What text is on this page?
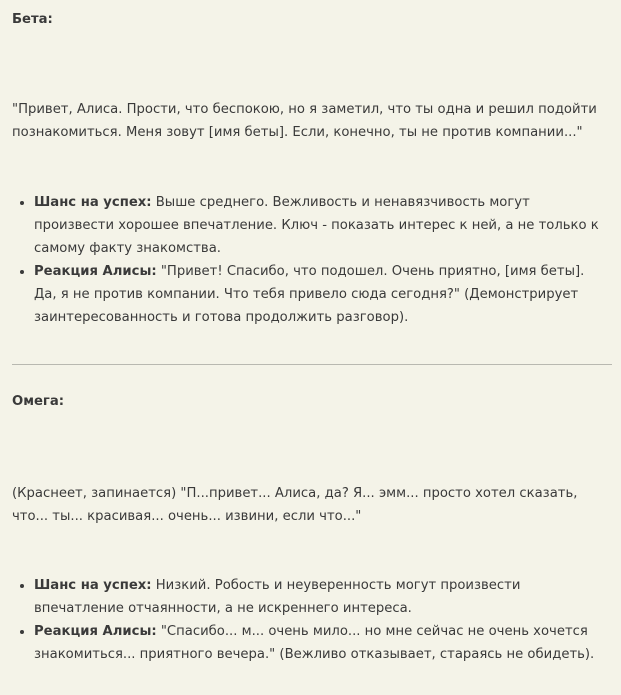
Бета:

"Привет, Алиса. Прости, что беспокою, но я заметил, что ты одна и решил подойти познакомиться. Меня зовут [имя беты]. Если, конечно, ты не против компании..."

• Шанс на успех: Выше среднего. Вежливость и ненавязчивость могут произвести хорошее впечатление. Ключ - показать интерес к ней, а не только к самому факту знакомства.
• Реакция Алисы: "Привет! Спасибо, что подошел. Очень приятно, [имя беты]. Да, я не против компании. Что тебя привело сюда сегодня?" (Демонстрирует заинтересованность и готова продолжить разговор).

Омега:

(Краснеет, запинается) "П...привет... Алиса, да? Я... эмм... просто хотел сказать, что... ты... красивая... очень... извини, если что..."

• Шанс на успех: Низкий. Робость и неуверенность могут произвести впечатление отчаянности, а не искреннего интереса.
• Реакция Алисы: "Спасибо... м... очень мило... но мне сейчас не очень хочется знакомиться... приятного вечера." (Вежливо отказывает, стараясь не обидеть).
